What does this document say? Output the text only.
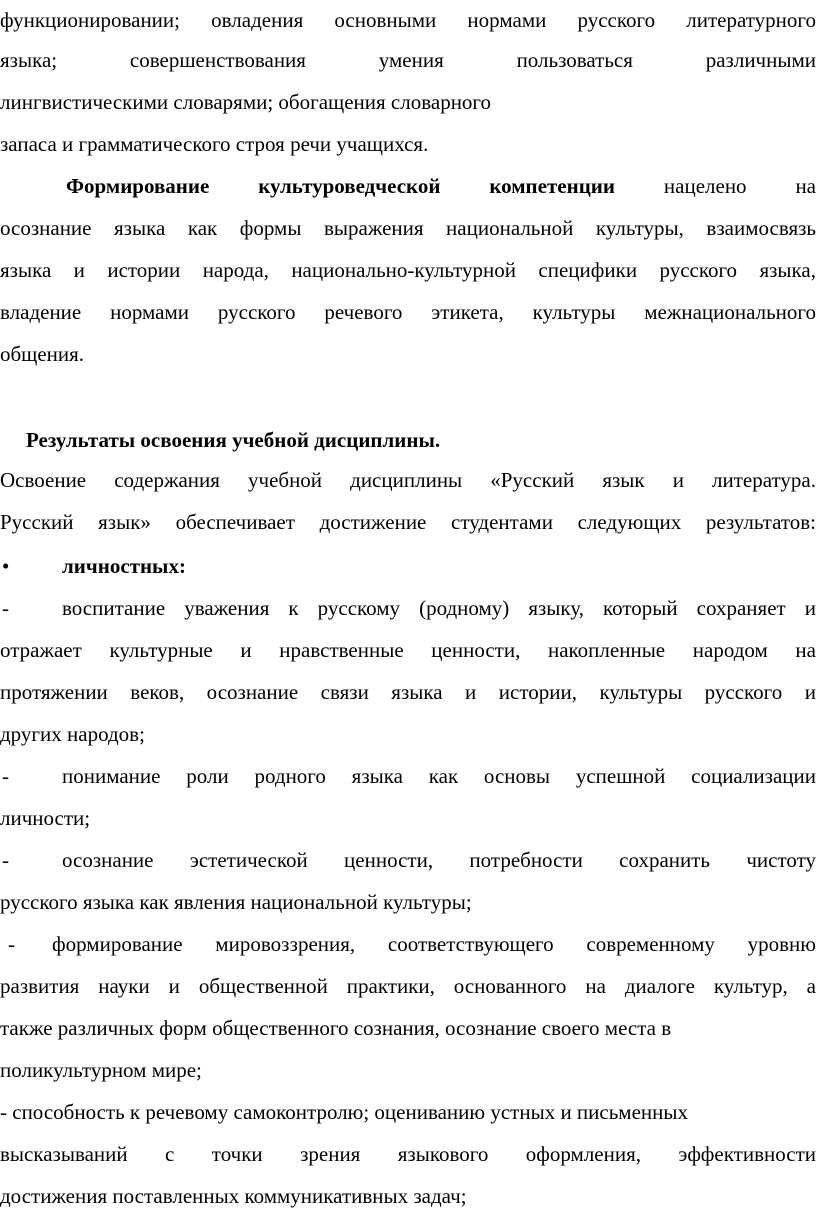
функционировании; овладения основными нормами русского литературного
языка; совершенствования умения пользоваться различными
лингвистическими словарями; обогащения словарного
запаса и грамматического строя речи учащихся.
Формирование культуроведческой компетенции нацелено на
осознание языка как формы выражения национальной культуры, взаимосвязь
языка и истории народа, национально-культурной специфики русского языка,
владение нормами русского речевого этикета, культуры межнационального
общения.
Результаты освоения учебной дисциплины.
Освоение содержания учебной дисциплины «Русский язык и литература.
Русский язык» обеспечивает достижение студентами следующих результатов:
•	личностных:
-	воспитание уважения к русскому (родному) языку, который сохраняет и
отражает культурные и нравственные ценности, накопленные народом на
протяжении веков, осознание связи языка и истории, культуры русского и
других народов;
-	понимание роли родного языка как основы успешной социализации
личности;
-	осознание эстетической ценности, потребности сохранить чистоту
русского языка как явления национальной культуры;
- формирование мировоззрения, соответствующего современному уровню
развития науки и общественной практики, основанного на диалоге культур, а
также различных форм общественного сознания, осознание своего места в
поликультурном мире;
- способность к речевому самоконтролю; оцениванию устных и письменных
высказываний с точки зрения языкового оформления, эффективности
достижения поставленных коммуникативных задач;
